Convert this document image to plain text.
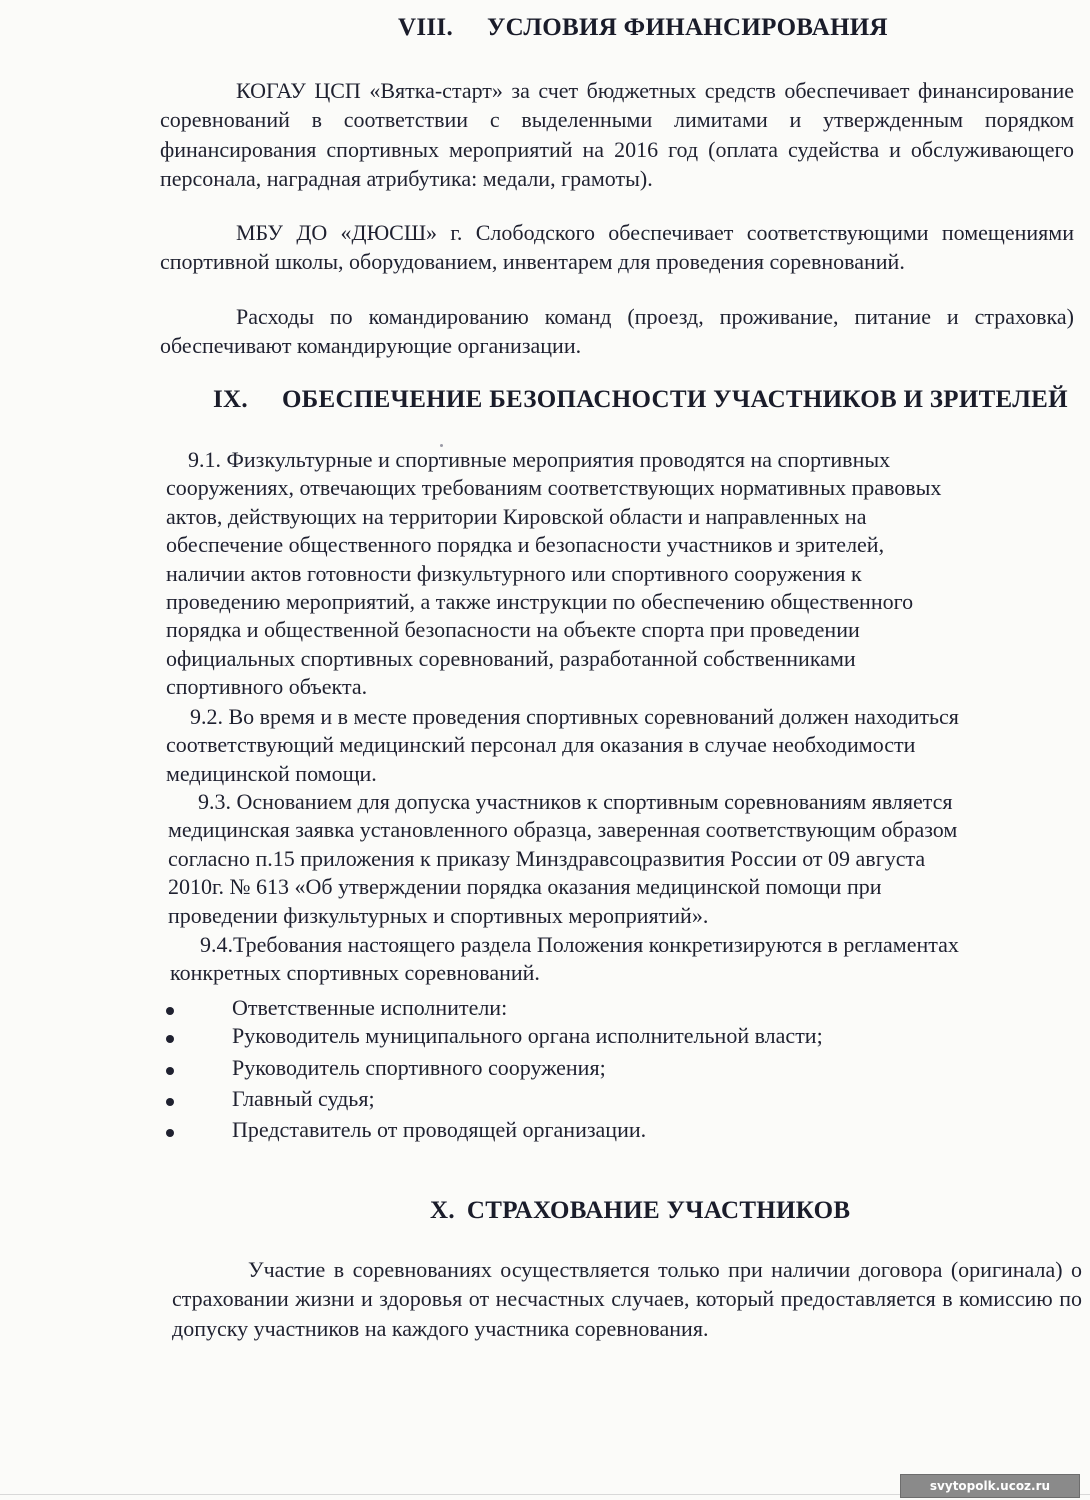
VIII. УСЛОВИЯ ФИНАНСИРОВАНИЯ
КОГАУ ЦСП «Вятка-старт» за счет бюджетных средств обеспечивает финансирование соревнований в соответствии с выделенными лимитами и утвержденным порядком финансирования спортивных мероприятий на 2016 год (оплата судейства и обслуживающего персонала, наградная атрибутика: медали, грамоты).
МБУ ДО «ДЮСШ» г. Слободского обеспечивает соответствующими помещениями спортивной школы, оборудованием, инвентарем для проведения соревнований.
Расходы по командированию команд (проезд, проживание, питание и страховка) обеспечивают командирующие организации.
IX. ОБЕСПЕЧЕНИЕ БЕЗОПАСНОСТИ УЧАСТНИКОВ И ЗРИТЕЛЕЙ
9.1. Физкультурные и спортивные мероприятия проводятся на спортивных
сооружениях, отвечающих требованиям соответствующих нормативных правовых
актов, действующих на территории Кировской области и направленных на
обеспечение общественного порядка и безопасности участников и зрителей,
наличии актов готовности физкультурного или спортивного сооружения к
проведению мероприятий, а также инструкции по обеспечению общественного
порядка и общественной безопасности на объекте спорта при проведении
официальных спортивных соревнований, разработанной собственниками
спортивного объекта.
9.2. Во время и в месте проведения спортивных соревнований должен находиться
соответствующий медицинский персонал для оказания в случае необходимости
медицинской помощи.
9.3. Основанием для допуска участников к спортивным соревнованиям является
медицинская заявка установленного образца, заверенная соответствующим образом
согласно п.15 приложения к приказу Минздравсоцразвития России от 09 августа
2010г. № 613 «Об утверждении порядка оказания медицинской помощи при
проведении физкультурных и спортивных мероприятий».
9.4.Требования настоящего раздела Положения конкретизируются в регламентах
конкретных спортивных соревнований.
Ответственные исполнители:
Руководитель муниципального органа исполнительной власти;
Руководитель спортивного сооружения;
Главный судья;
Представитель от проводящей организации.
X. СТРАХОВАНИЕ УЧАСТНИКОВ
Участие в соревнованиях осуществляется только при наличии договора (оригинала) о страховании жизни и здоровья от несчастных случаев, который предоставляется в комиссию по допуску участников на каждого участника соревнования.
svytopolk.ucoz.ru
